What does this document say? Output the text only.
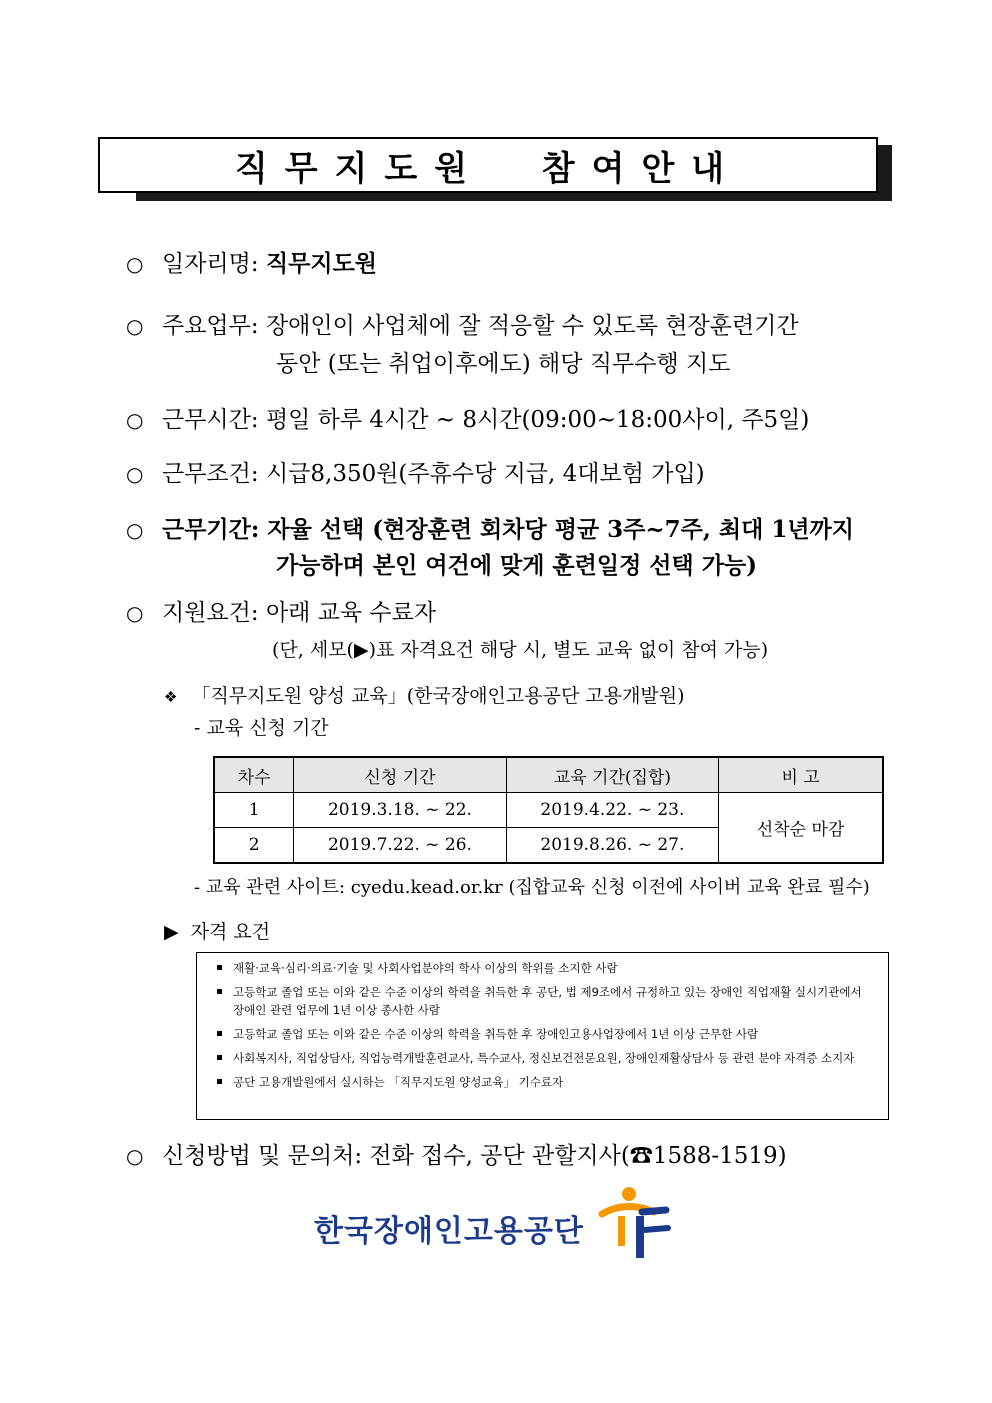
직무지도원  참여안내
○ 일자리명: 직무지도원
○ 주요업무: 장애인이 사업체에 잘 적응할 수 있도록 현장훈련기간
동안 (또는 취업이후에도) 해당 직무수행 지도
○ 근무시간: 평일 하루 4시간 ~ 8시간(09:00~18:00사이, 주5일)
○ 근무조건: 시급8,350원(주휴수당 지급, 4대보험 가입)
○ 근무기간: 자율 선택 (현장훈련 회차당 평균 3주~7주, 최대 1년까지
가능하며 본인 여건에 맞게 훈련일정 선택 가능)
○ 지원요건: 아래 교육 수료자
(단, 세모(▶)표 자격요건 해당 시, 별도 교육 없이 참여 가능)
❖ 「직무지도원 양성 교육」(한국장애인고용공단 고용개발원)
- 교육 신청 기간
차수	신청 기간	교육 기간(집합)	비 고
1	2019.3.18. ~ 22.	2019.4.22. ~ 23.	선착순 마감
2	2019.7.22. ~ 26.	2019.8.26. ~ 27.	
- 교육 관련 사이트: cyedu.kead.or.kr (집합교육 신청 이전에 사이버 교육 완료 필수)
▶ 자격 요건
재활·교육·심리·의료·기술 및 사회사업분야의 학사 이상의 학위를 소지한 사람
고등학교 졸업 또는 이와 같은 수준 이상의 학력을 취득한 후 공단, 법 제9조에서 규정하고 있는 장애인 직업재활 실시기관에서 장애인 관련 업무에 1년 이상 종사한 사람
고등학교 졸업 또는 이와 같은 수준 이상의 학력을 취득한 후 장애인고용사업장에서 1년 이상 근무한 사람
사회복지사, 직업상담사, 직업능력개발훈련교사, 특수교사, 정신보건전문요원, 장애인재활상담사 등 관련 분야 자격증 소지자
공단 고용개발원에서 실시하는 「직무지도원 양성교육」 기수료자
○ 신청방법 및 문의처: 전화 접수, 공단 관할지사(☎1588-1519)
한국장애인고용공단
